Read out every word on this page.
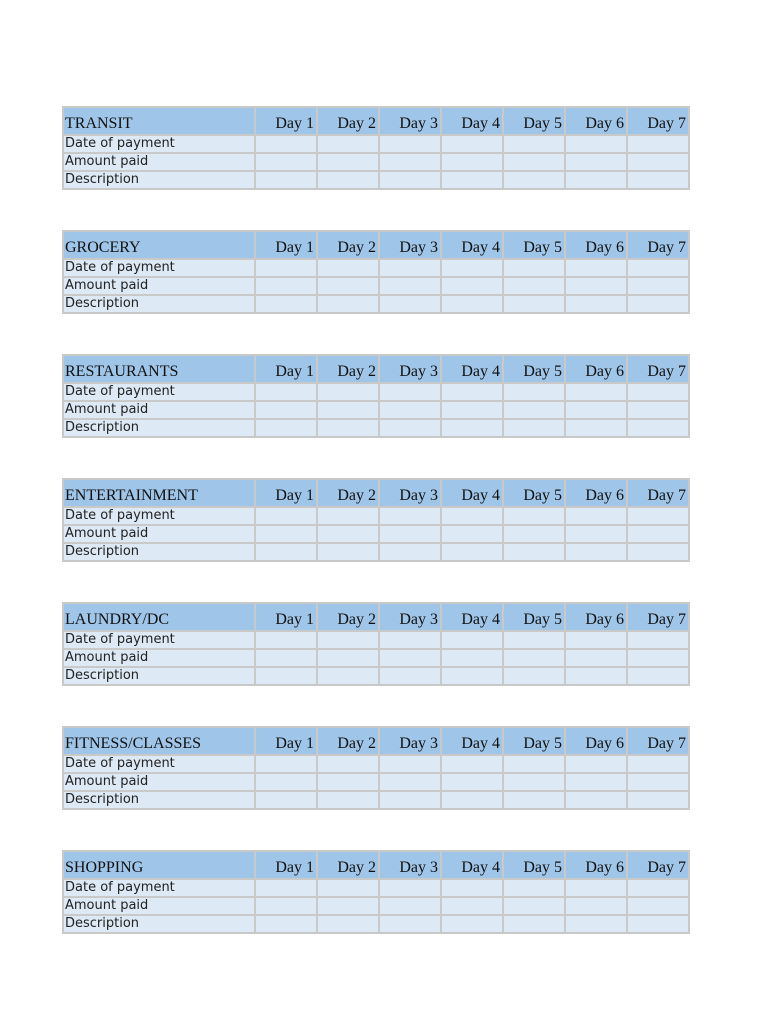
TRANSIT	Day 1	Day 2	Day 3	Day 4	Day 5	Day 6	Day 7
Date of payment							
Amount paid							
Description							
GROCERY	Day 1	Day 2	Day 3	Day 4	Day 5	Day 6	Day 7
Date of payment							
Amount paid							
Description							
RESTAURANTS	Day 1	Day 2	Day 3	Day 4	Day 5	Day 6	Day 7
Date of payment							
Amount paid							
Description							
ENTERTAINMENT	Day 1	Day 2	Day 3	Day 4	Day 5	Day 6	Day 7
Date of payment							
Amount paid							
Description							
LAUNDRY/DC	Day 1	Day 2	Day 3	Day 4	Day 5	Day 6	Day 7
Date of payment							
Amount paid							
Description							
FITNESS/CLASSES	Day 1	Day 2	Day 3	Day 4	Day 5	Day 6	Day 7
Date of payment							
Amount paid							
Description							
SHOPPING	Day 1	Day 2	Day 3	Day 4	Day 5	Day 6	Day 7
Date of payment							
Amount paid							
Description							
